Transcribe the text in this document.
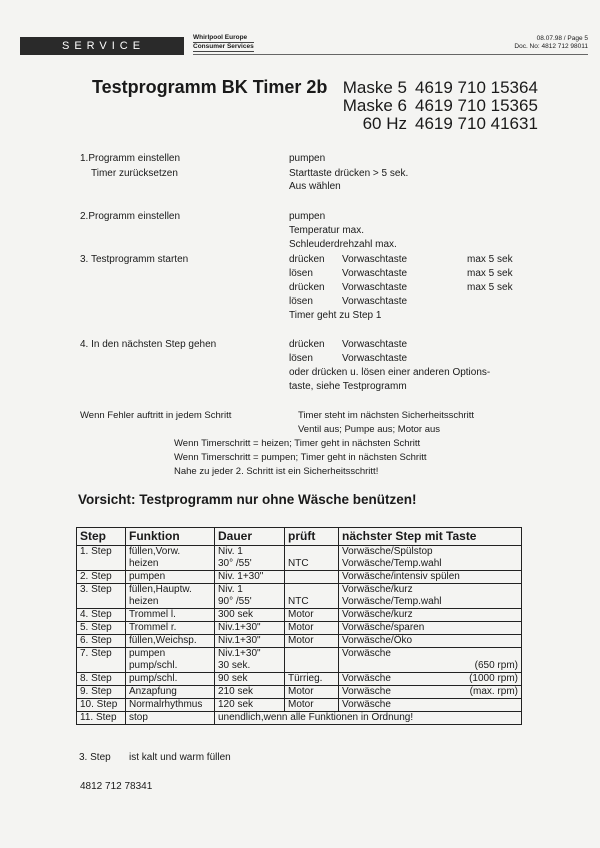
SERVICE
Whirlpool Europe
Consumer Services
08.07.98 / Page 5
Doc. No: 4812 712 98011
Testprogramm BK Timer 2b Maske 5 4619 710 15364
Maske 6 4619 710 15365
60 Hz 4619 710 41631
1.Programm einstellen
Timer zurücksetzen
pumpen
Starttaste drücken > 5 sek.
Aus wählen
2.Programm einstellen	pumpen
Temperatur max.
Schleuderdrehzahl max.
3. Testprogramm starten	drücken Vorwaschtaste	max 5 sek
lösen	Vorwaschtaste	max 5 sek
drücken Vorwaschtaste	max 5 sek
lösen	Vorwaschtaste
Timer geht zu Step 1
4. In den nächsten Step gehen	drücken Vorwaschtaste
lösen	Vorwaschtaste
oder drücken u. lösen einer anderen Options-
taste, siehe Testprogramm
Wenn Fehler auftritt in jedem Schritt	Timer steht im nächsten Sicherheitsschritt
Ventil aus; Pumpe aus; Motor aus
Wenn Timerschritt = heizen; Timer geht in nächsten Schritt
Wenn Timerschritt = pumpen; Timer geht in nächsten Schritt
Nahe zu jeder 2. Schritt ist ein Sicherheitsschritt!
Vorsicht: Testprogramm nur ohne Wäsche benützen!
Step	Funktion	Dauer	prüft	nächster Step mit Taste
1. Step	füllen,Vorw.	Niv. 1		Vorwäsche/Spülstop

	heizen	30° /55'	NTC	Vorwäsche/Temp.wahl

2. Step	pumpen	Niv. 1+30"		Vorwäsche/intensiv spülen

3. Step	füllen,Hauptw.	Niv. 1		Vorwäsche/kurz

	heizen	90° /55'	NTC	Vorwäsche/Temp.wahl

4. Step	Trommel l.	300 sek	Motor	Vorwäsche/kurz

5. Step	Trommel r.	Niv.1+30"	Motor	Vorwäsche/sparen

6. Step	füllen,Weichsp.	Niv.1+30"	Motor	Vorwäsche/Öko

7. Step	pumpen	Niv.1+30"		Vorwäsche

	pump/schl.	30 sek.		(650 rpm)

8. Step	pump/schl.	90 sek	Türrieg.	Vorwäsche (1000 rpm)

9. Step	Anzapfung	210 sek	Motor	Vorwäsche (max. rpm)

10. Step	Normalrhythmus	120 sek	Motor	Vorwäsche

11. Step	stop	unendlich,wenn alle Funktionen in Ordnung!		
3. Step ist kalt und warm füllen
4812 712 78341
